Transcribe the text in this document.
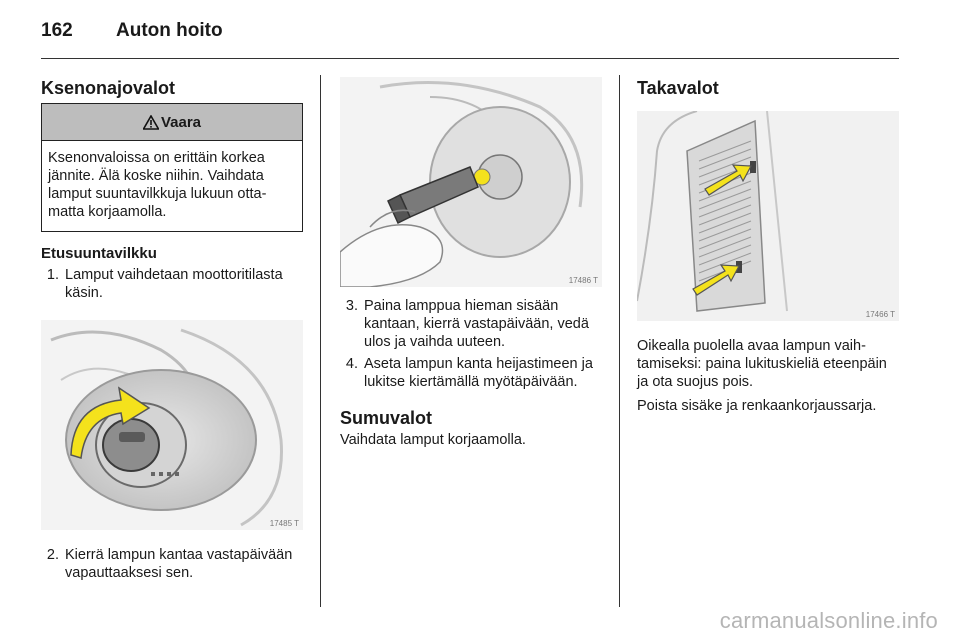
162	Auton hoito
Ksenonajovalot
Vaara
Ksenonvaloissa on erittäin korkea jännite. Älä koske niihin. Vaihdata lamput suuntavilkkuja lukuun ottamatta korjaamolla.
Etusuuntavilkku
1. Lamput vaihdetaan moottoritilasta käsin.
17485 T
2. Kierrä lampun kantaa vastapäivään vapauttaaksesi sen.
17486 T
3. Paina lamppua hieman sisään kantaan, kierrä vastapäivään, vedä ulos ja vaihda uuteen.
4. Aseta lampun kanta heijastimeen ja lukitse kiertämällä myötäpäivään.
Sumuvalot

Vaihdata lamput korjaamolla.

Takavalot
17466 T

Oikealla puolella avaa lampun vaihtamiseksi: paina lukituskieliä eteenpäin ja ota suojus pois.

Poista sisäke ja renkaankorjaussarja.

carmanualsonline.info
